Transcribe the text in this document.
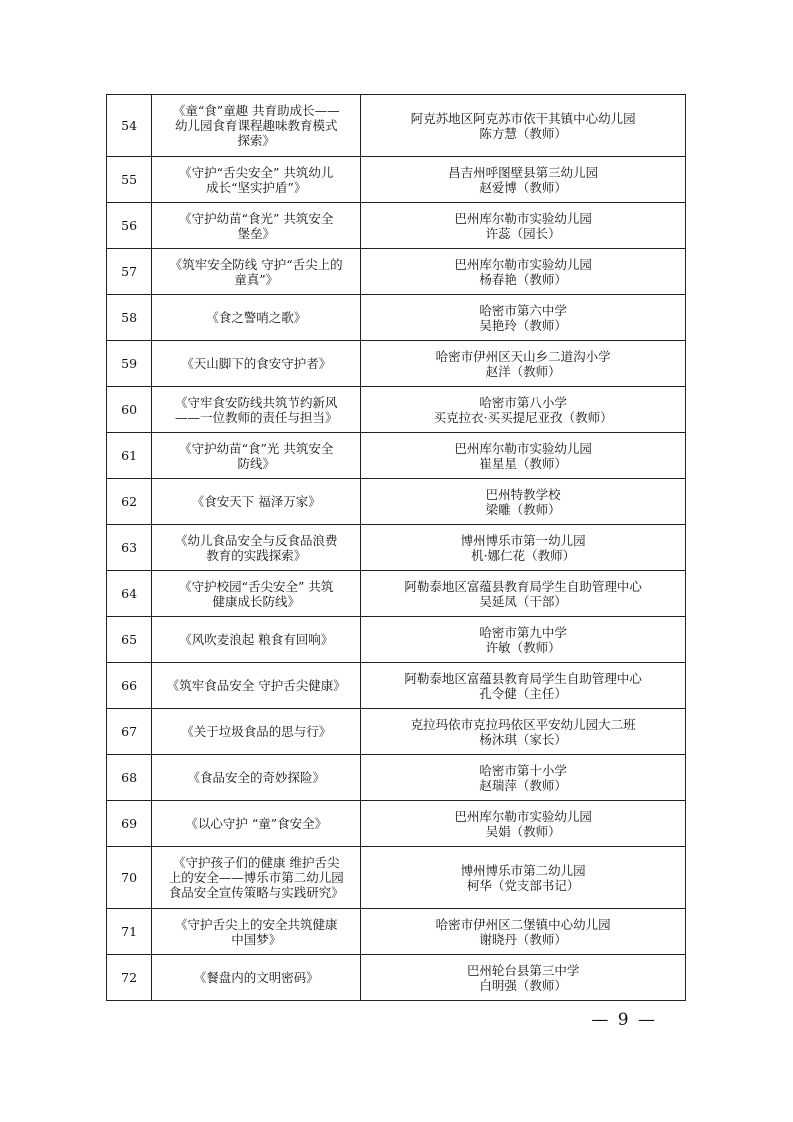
54	《童“食”童趣 共育助成长——
幼儿园食育课程趣味教育模式
探索》	阿克苏地区阿克苏市依干其镇中心幼儿园
陈方慧（教师）

55	《守护“舌尖安全” 共筑幼儿
成长“坚实护盾”》	昌吉州呼图壁县第三幼儿园
赵爱博（教师）

56	《守护幼苗“食光” 共筑安全
堡垒》	巴州库尔勒市实验幼儿园
许蕊（园长）

57	《筑牢安全防线 守护“舌尖上的
童真”》	巴州库尔勒市实验幼儿园
杨春艳（教师）

58	《食之警哨之歌》	哈密市第六中学
吴艳玲（教师）

59	《天山脚下的食安守护者》	哈密市伊州区天山乡二道沟小学
赵洋（教师）

60	《守牢食安防线共筑节约新风
——一位教师的责任与担当》	哈密市第八小学
买克拉衣·买买提尼亚孜（教师）

61	《守护幼苗“食”光 共筑安全
防线》	巴州库尔勒市实验幼儿园
崔星星（教师）

62	《食安天下 福泽万家》	巴州特教学校
梁雕（教师）

63	《幼儿食品安全与反食品浪费
教育的实践探索》	博州博乐市第一幼儿园
机·娜仁花（教师）

64	《守护校园“舌尖安全” 共筑
健康成长防线》	阿勒泰地区富蕴县教育局学生自助管理中心
吴延凤（干部）

65	《风吹麦浪起 粮食有回响》	哈密市第九中学
许敏（教师）

66	《筑牢食品安全 守护舌尖健康》	阿勒泰地区富蕴县教育局学生自助管理中心
孔令健（主任）

67	《关于垃圾食品的思与行》	克拉玛依市克拉玛依区平安幼儿园大二班
杨沐琪（家长）

68	《食品安全的奇妙探险》	哈密市第十小学
赵瑞萍（教师）

69	《以心守护 “童”食安全》	巴州库尔勒市实验幼儿园
吴娟（教师）

70	《守护孩子们的健康 维护舌尖
上的安全——博乐市第二幼儿园
食品安全宣传策略与实践研究》	博州博乐市第二幼儿园
柯华（党支部书记）

71	《守护舌尖上的安全共筑健康
中国梦》	哈密市伊州区二堡镇中心幼儿园
谢晓丹（教师）

72	《餐盘内的文明密码》	巴州轮台县第三中学
白明强（教师）
— 9 —
